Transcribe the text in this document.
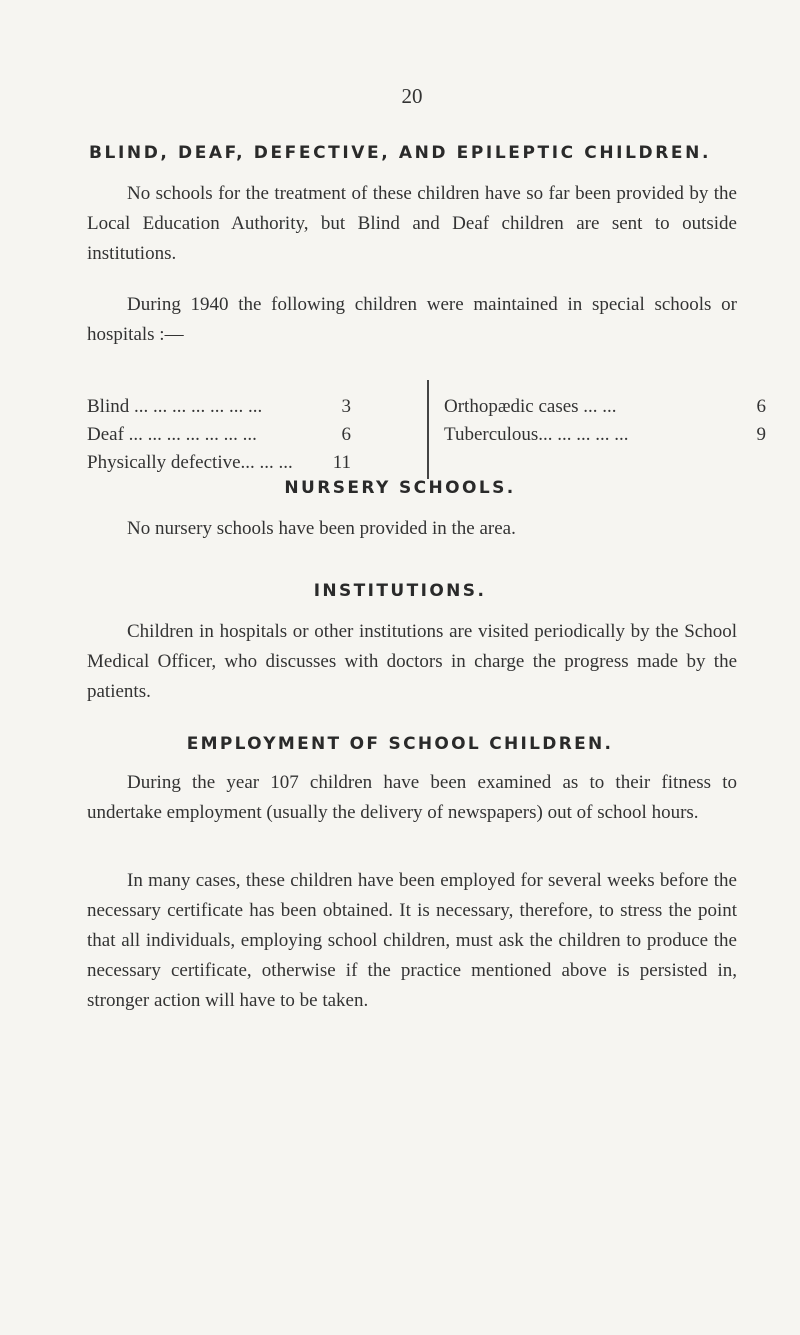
20
BLIND, DEAF, DEFECTIVE, AND EPILEPTIC CHILDREN.

No schools for the treatment of these children have so far been provided by the Local Education Authority, but Blind and Deaf children are sent to outside institutions.

During 1940 the following children were maintained in special schools or hospitals :—

Blind ... ... ... ... ... ... ...	3
Deaf ... ... ... ... ... ... ...	6
Physically defective... ... ...	11
Orthopædic cases ... ...	6
Tuberculous... ... ... ... ...	9
NURSERY SCHOOLS.

No nursery schools have been provided in the area.

INSTITUTIONS.

Children in hospitals or other institutions are visited periodically by the School Medical Officer, who discusses with doctors in charge the progress made by the patients.

EMPLOYMENT OF SCHOOL CHILDREN.

During the year 107 children have been examined as to their fitness to undertake employment (usually the delivery of newspapers) out of school hours.

In many cases, these children have been employed for several weeks before the necessary certificate has been obtained. It is necessary, therefore, to stress the point that all individuals, employing school children, must ask the children to produce the necessary certificate, otherwise if the practice mentioned above is persisted in, stronger action will have to be taken.
